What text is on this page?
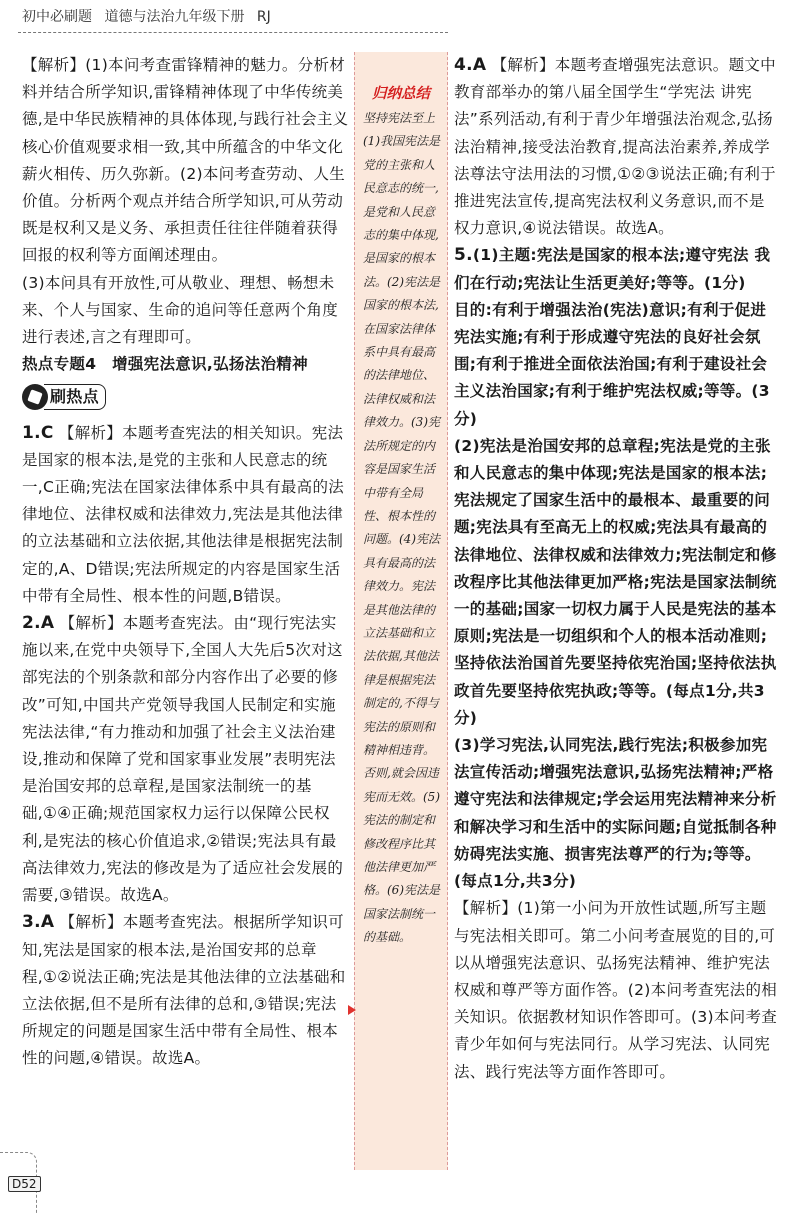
初中必刷题 道德与法治九年级下册 RJ

【解析】(1)本问考查雷锋精神的魅力。分析材料并结合所学知识,雷锋精神体现了中华传统美德,是中华民族精神的具体体现,与践行社会主义核心价值观要求相一致,其中所蕴含的中华文化薪火相传、历久弥新。(2)本问考查劳动、人生价值。分析两个观点并结合所学知识,可从劳动既是权利又是义务、承担责任往往伴随着获得回报的权利等方面阐述理由。

(3)本问具有开放性,可从敬业、理想、畅想未来、个人与国家、生命的追问等任意两个角度进行表述,言之有理即可。

热点专题4　增强宪法意识,弘扬法治精神

刷热点

1.C 【解析】本题考查宪法的相关知识。宪法是国家的根本法,是党的主张和人民意志的统一,C正确;宪法在国家法律体系中具有最高的法律地位、法律权威和法律效力,宪法是其他法律的立法基础和立法依据,其他法律是根据宪法制定的,A、D错误;宪法所规定的内容是国家生活中带有全局性、根本性的问题,B错误。

2.A 【解析】本题考查宪法。由“现行宪法实施以来,在党中央领导下,全国人大先后5次对这部宪法的个别条款和部分内容作出了必要的修改”可知,中国共产党领导我国人民制定和实施宪法法律,“有力推动和加强了社会主义法治建设,推动和保障了党和国家事业发展”表明宪法是治国安邦的总章程,是国家法制统一的基础,①④正确;规范国家权力运行以保障公民权利,是宪法的核心价值追求,②错误;宪法具有最高法律效力,宪法的修改是为了适应社会发展的需要,③错误。故选A。

3.A 【解析】本题考查宪法。根据所学知识可知,宪法是国家的根本法,是治国安邦的总章程,①②说法正确;宪法是其他法律的立法基础和立法依据,但不是所有法律的总和,③错误;宪法所规定的问题是国家生活中带有全局性、根本性的问题,④错误。故选A。

归纳总结
坚持宪法至上(1)我国宪法是党的主张和人民意志的统一,是党和人民意志的集中体现,是国家的根本法。(2)宪法是国家的根本法,在国家法律体系中具有最高的法律地位、法律权威和法律效力。(3)宪法所规定的内容是国家生活中带有全局性、根本性的问题。(4)宪法具有最高的法律效力。宪法是其他法律的立法基础和立法依据,其他法律是根据宪法制定的,不得与宪法的原则和精神相违背。否则,就会因违宪而无效。(5)宪法的制定和修改程序比其他法律更加严格。(6)宪法是国家法制统一的基础。

4.A 【解析】本题考查增强宪法意识。题文中教育部举办的第八届全国学生“学宪法 讲宪法”系列活动,有利于青少年增强法治观念,弘扬法治精神,接受法治教育,提高法治素养,养成学法尊法守法用法的习惯,①②③说法正确;有利于推进宪法宣传,提高宪法权利义务意识,而不是权力意识,④说法错误。故选A。

5.(1)主题:宪法是国家的根本法;遵守宪法 我们在行动;宪法让生活更美好;等等。(1分)

目的:有利于增强法治(宪法)意识;有利于促进宪法实施;有利于形成遵守宪法的良好社会氛围;有利于推进全面依法治国;有利于建设社会主义法治国家;有利于维护宪法权威;等等。(3分)

(2)宪法是治国安邦的总章程;宪法是党的主张和人民意志的集中体现;宪法是国家的根本法;宪法规定了国家生活中的最根本、最重要的问题;宪法具有至高无上的权威;宪法具有最高的法律地位、法律权威和法律效力;宪法制定和修改程序比其他法律更加严格;宪法是国家法制统一的基础;国家一切权力属于人民是宪法的基本原则;宪法是一切组织和个人的根本活动准则;坚持依法治国首先要坚持依宪治国;坚持依法执政首先要坚持依宪执政;等等。(每点1分,共3分)

(3)学习宪法,认同宪法,践行宪法;积极参加宪法宣传活动;增强宪法意识,弘扬宪法精神;严格遵守宪法和法律规定;学会运用宪法精神来分析和解决学习和生活中的实际问题;自觉抵制各种妨碍宪法实施、损害宪法尊严的行为;等等。(每点1分,共3分)

【解析】(1)第一小问为开放性试题,所写主题与宪法相关即可。第二小问考查展览的目的,可以从增强宪法意识、弘扬宪法精神、维护宪法权威和尊严等方面作答。(2)本问考查宪法的相关知识。依据教材知识作答即可。(3)本问考查青少年如何与宪法同行。从学习宪法、认同宪法、践行宪法等方面作答即可。

D52
